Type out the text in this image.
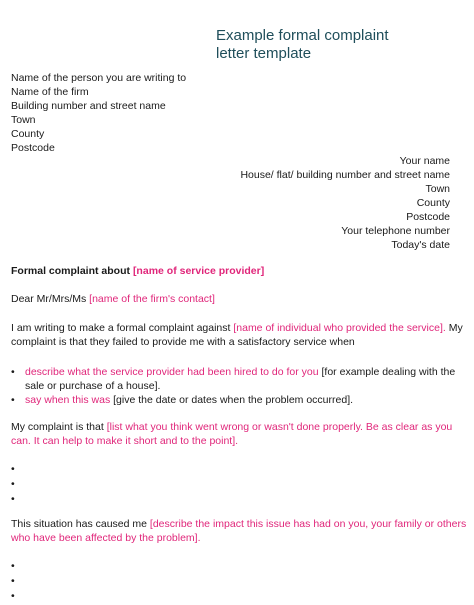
Example formal complaint
letter template
Name of the person you are writing to
Name of the firm
Building number and street name
Town
County
Postcode
Your name
House/ flat/ building number and street name
Town
County
Postcode
Your telephone number
Today's date
Formal complaint about [name of service provider]
Dear Mr/Mrs/Ms [name of the firm's contact]
I am writing to make a formal complaint against [name of individual who provided the service]. My
complaint is that they failed to provide me with a satisfactory service when
• describe what the service provider had been hired to do for you [for example dealing with the
sale or purchase of a house].
• say when this was [give the date or dates when the problem occurred].
My complaint is that [list what you think went wrong or wasn't done properly. Be as clear as you
can. It can help to make it short and to the point].
•
•
•
This situation has caused me [describe the impact this issue has had on you, your family or others
who have been affected by the problem].
•
•
•
